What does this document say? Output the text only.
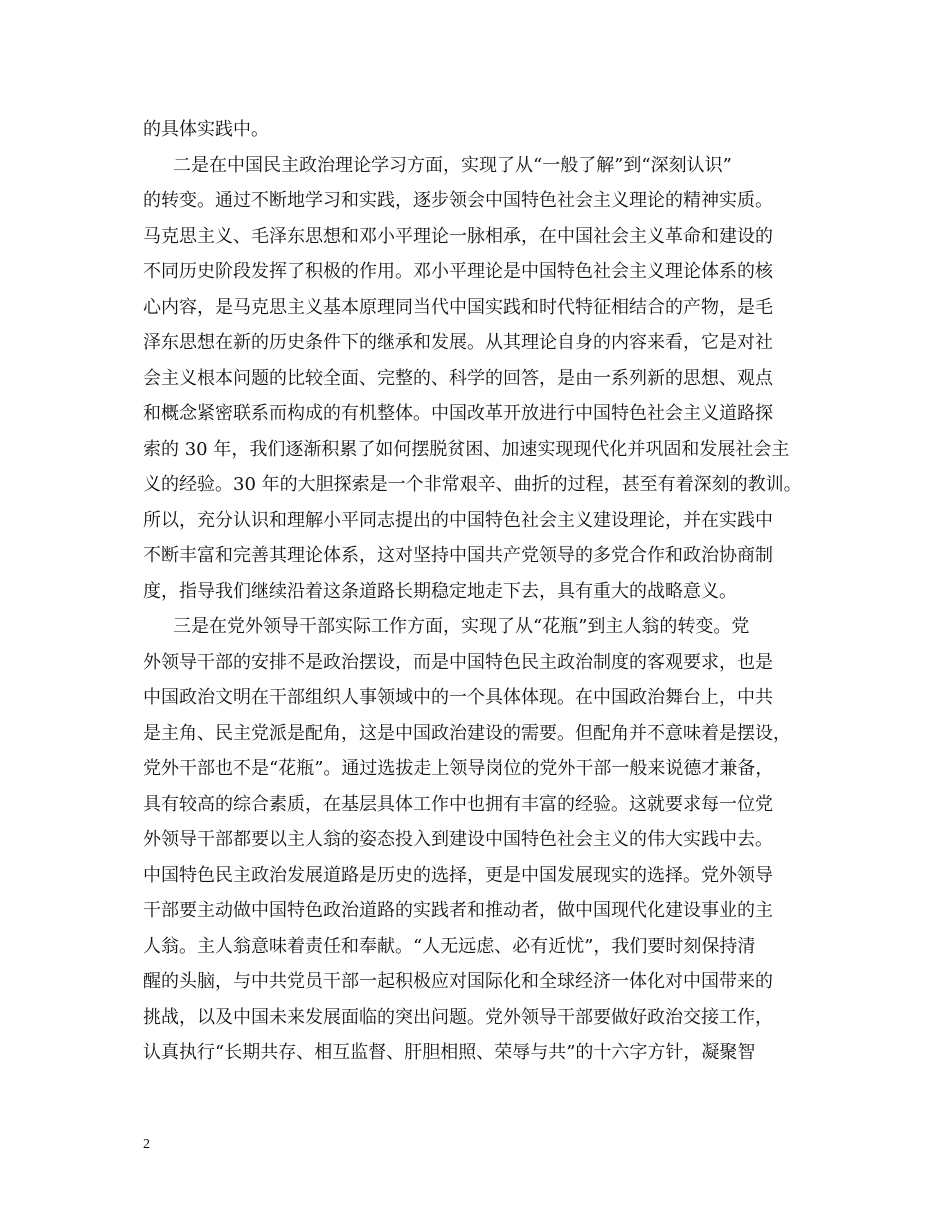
的具体实践中。
二是在中国民主政治理论学习方面，实现了从“一般了解”到“深刻认识”
的转变。通过不断地学习和实践，逐步领会中国特色社会主义理论的精神实质。
马克思主义、毛泽东思想和邓小平理论一脉相承，在中国社会主义革命和建设的
不同历史阶段发挥了积极的作用。邓小平理论是中国特色社会主义理论体系的核
心内容，是马克思主义基本原理同当代中国实践和时代特征相结合的产物，是毛
泽东思想在新的历史条件下的继承和发展。从其理论自身的内容来看，它是对社
会主义根本问题的比较全面、完整的、科学的回答，是由一系列新的思想、观点
和概念紧密联系而构成的有机整体。中国改革开放进行中国特色社会主义道路探
索的 30 年，我们逐渐积累了如何摆脱贫困、加速实现现代化并巩固和发展社会主
义的经验。30 年的大胆探索是一个非常艰辛、曲折的过程，甚至有着深刻的教训。
所以，充分认识和理解小平同志提出的中国特色社会主义建设理论，并在实践中
不断丰富和完善其理论体系，这对坚持中国共产党领导的多党合作和政治协商制
度，指导我们继续沿着这条道路长期稳定地走下去，具有重大的战略意义。
三是在党外领导干部实际工作方面，实现了从“花瓶”到主人翁的转变。党
外领导干部的安排不是政治摆设，而是中国特色民主政治制度的客观要求，也是
中国政治文明在干部组织人事领域中的一个具体体现。在中国政治舞台上，中共
是主角、民主党派是配角，这是中国政治建设的需要。但配角并不意味着是摆设，
党外干部也不是“花瓶”。通过选拔走上领导岗位的党外干部一般来说德才兼备，
具有较高的综合素质，在基层具体工作中也拥有丰富的经验。这就要求每一位党
外领导干部都要以主人翁的姿态投入到建设中国特色社会主义的伟大实践中去。
中国特色民主政治发展道路是历史的选择，更是中国发展现实的选择。党外领导
干部要主动做中国特色政治道路的实践者和推动者，做中国现代化建设事业的主
人翁。主人翁意味着责任和奉献。“人无远虑、必有近忧”，我们要时刻保持清
醒的头脑，与中共党员干部一起积极应对国际化和全球经济一体化对中国带来的
挑战，以及中国未来发展面临的突出问题。党外领导干部要做好政治交接工作，
认真执行“长期共存、相互监督、肝胆相照、荣辱与共”的十六字方针，凝聚智
2
